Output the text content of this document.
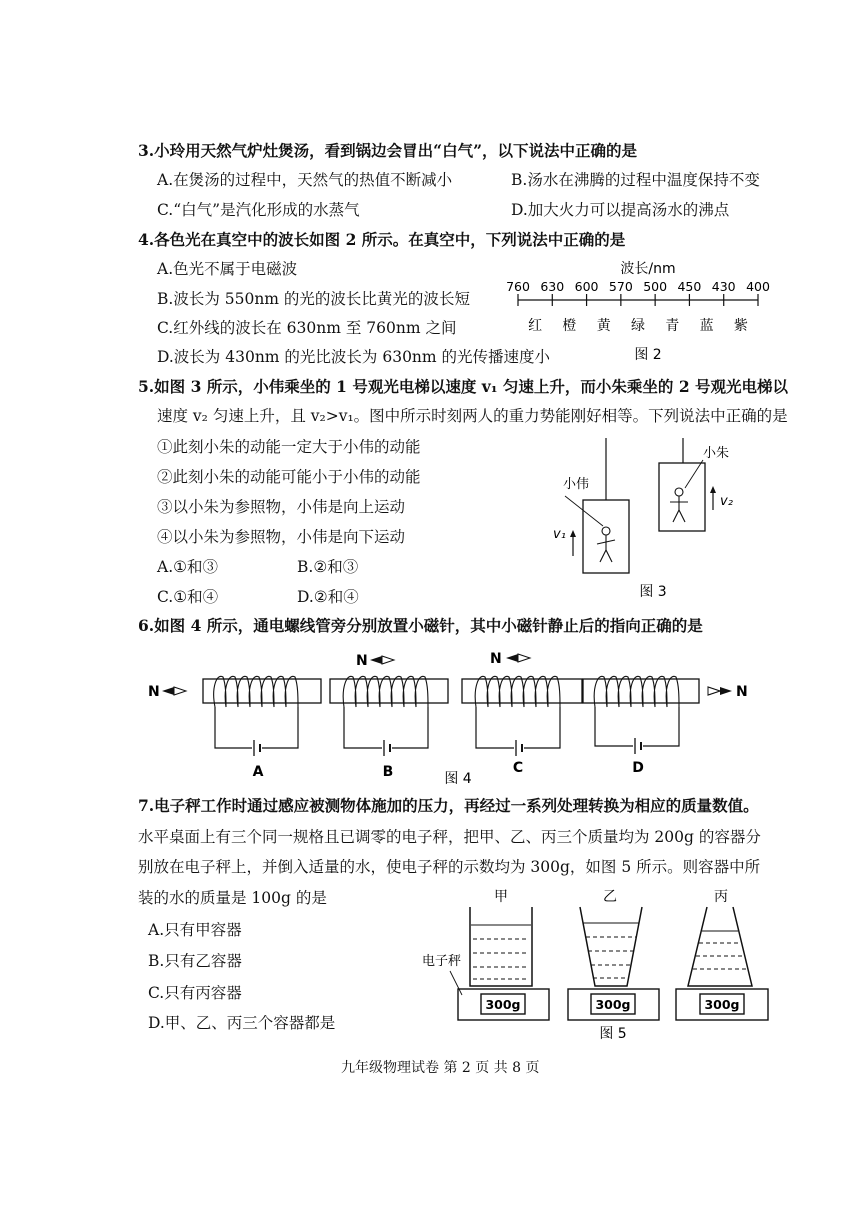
3.小玲用天然气炉灶煲汤，看到锅边会冒出“白气”，以下说法中正确的是
A.在煲汤的过程中，天然气的热值不断减小	B.汤水在沸腾的过程中温度保持不变
C.“白气”是汽化形成的水蒸气	D.加大火力可以提高汤水的沸点
4.各色光在真空中的波长如图 2 所示。在真空中，下列说法中正确的是
A.色光不属于电磁波
B.波长为 550nm 的光的波长比黄光的波长短
C.红外线的波长在 630nm 至 760nm 之间
D.波长为 430nm 的光比波长为 630nm 的光传播速度小
波长/nm
760 630 600 570 500 450 430 400
红 橙 黄 绿 青 蓝 紫
图 2
5.如图 3 所示，小伟乘坐的 1 号观光电梯以速度 v₁ 匀速上升，而小朱乘坐的 2 号观光电梯以
速度 v₂ 匀速上升，且 v₂>v₁。图中所示时刻两人的重力势能刚好相等。下列说法中正确的是
①此刻小朱的动能一定大于小伟的动能
②此刻小朱的动能可能小于小伟的动能
③以小朱为参照物，小伟是向上运动
④以小朱为参照物，小伟是向下运动
A.①和③	B.②和③
C.①和④	D.②和④
小伟
v₁
小朱
v₂
图 3
6.如图 4 所示，通电螺线管旁分别放置小磁针，其中小磁针静止后的指向正确的是
N
A
N
B
N
C
N
D
图 4
7.电子秤工作时通过感应被测物体施加的压力，再经过一系列处理转换为相应的质量数值。
水平桌面上有三个同一规格且已调零的电子秤，把甲、乙、丙三个质量均为 200g 的容器分
别放在电子秤上，并倒入适量的水，使电子秤的示数均为 300g，如图 5 所示。则容器中所
装的水的质量是 100g 的是
A.只有甲容器
B.只有乙容器
C.只有丙容器
D.甲、乙、丙三个容器都是
甲
300g
电子秤
乙
300g
丙
300g
图 5
九年级物理试卷 第 2 页 共 8 页
